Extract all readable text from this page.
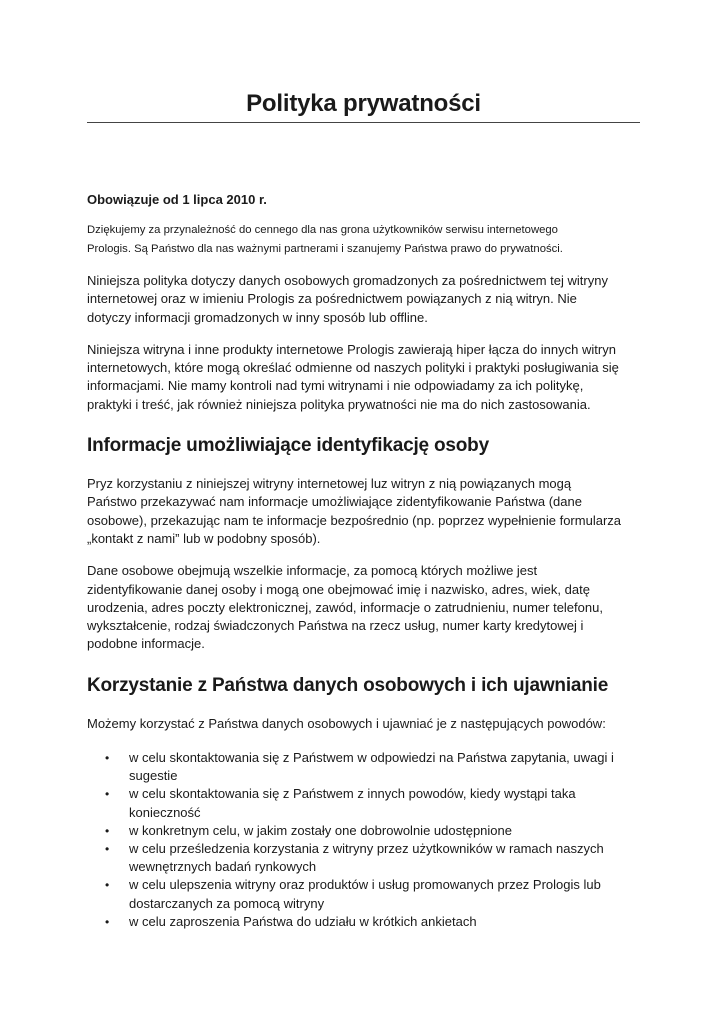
Polityka prywatności
Obowiązuje od 1 lipca 2010 r.
Dziękujemy za przynależność do cennego dla nas grona użytkowników serwisu internetowego
Prologis. Są Państwo dla nas ważnymi partnerami i szanujemy Państwa prawo do prywatności.
Niniejsza polityka dotyczy danych osobowych gromadzonych za pośrednictwem tej witryny
internetowej oraz w imieniu Prologis za pośrednictwem powiązanych z nią witryn. Nie
dotyczy informacji gromadzonych w inny sposób lub offline.
Niniejsza witryna i inne produkty internetowe Prologis zawierają hiper łącza do innych witryn
internetowych, które mogą określać odmienne od naszych polityki i praktyki posługiwania się
informacjami. Nie mamy kontroli nad tymi witrynami i nie odpowiadamy za ich politykę,
praktyki i treść, jak również niniejsza polityka prywatności nie ma do nich zastosowania.
Informacje umożliwiające identyfikację osoby
Pryz korzystaniu z niniejszej witryny internetowej luz witryn z nią powiązanych mogą
Państwo przekazywać nam informacje umożliwiające zidentyfikowanie Państwa (dane
osobowe), przekazując nam te informacje bezpośrednio (np. poprzez wypełnienie formularza
„kontakt z nami” lub w podobny sposób).
Dane osobowe obejmują wszelkie informacje, za pomocą których możliwe jest
zidentyfikowanie danej osoby i mogą one obejmować imię i nazwisko, adres, wiek, datę
urodzenia, adres poczty elektronicznej, zawód, informacje o zatrudnieniu, numer telefonu,
wykształcenie, rodzaj świadczonych Państwa na rzecz usług, numer karty kredytowej i
podobne informacje.
Korzystanie z Państwa danych osobowych i ich ujawnianie
Możemy korzystać z Państwa danych osobowych i ujawniać je z następujących powodów:
• w celu skontaktowania się z Państwem w odpowiedzi na Państwa zapytania, uwagi i
sugestie
• w celu skontaktowania się z Państwem z innych powodów, kiedy wystąpi taka
konieczność
• w konkretnym celu, w jakim zostały one dobrowolnie udostępnione
• w celu prześledzenia korzystania z witryny przez użytkowników w ramach naszych
wewnętrznych badań rynkowych
• w celu ulepszenia witryny oraz produktów i usług promowanych przez Prologis lub
dostarczanych za pomocą witryny
• w celu zaproszenia Państwa do udziału w krótkich ankietach
